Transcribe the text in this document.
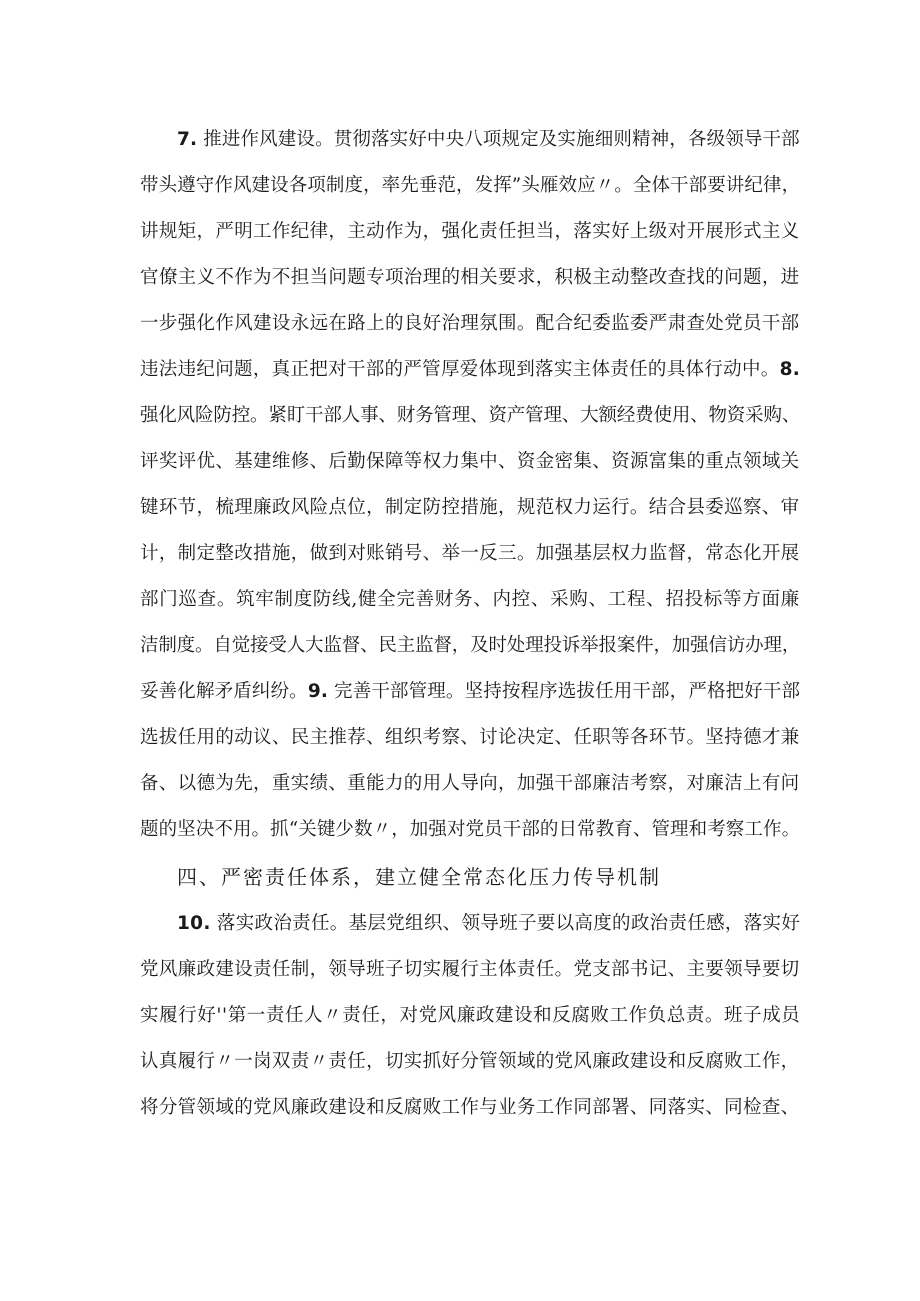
7. 推进作风建设。贯彻落实好中央八项规定及实施细则精神，各级领导干部
带头遵守作风建设各项制度，率先垂范，发挥”头雁效应〃。全体干部要讲纪律，
讲规矩，严明工作纪律，主动作为，强化责任担当，落实好上级对开展形式主义
官僚主义不作为不担当问题专项治理的相关要求，积极主动整改查找的问题，进
一步强化作风建设永远在路上的良好治理氛围。配合纪委监委严肃查处党员干部
违法违纪问题，真正把对干部的严管厚爱体现到落实主体责任的具体行动中。8.
强化风险防控。紧盯干部人事、财务管理、资产管理、大额经费使用、物资采购、
评奖评优、基建维修、后勤保障等权力集中、资金密集、资源富集的重点领域关
键环节，梳理廉政风险点位，制定防控措施，规范权力运行。结合县委巡察、审
计，制定整改措施，做到对账销号、举一反三。加强基层权力监督，常态化开展
部门巡查。筑牢制度防线,健全完善财务、内控、采购、工程、招投标等方面廉
洁制度。自觉接受人大监督、民主监督，及时处理投诉举报案件，加强信访办理，
妥善化解矛盾纠纷。9. 完善干部管理。坚持按程序选拔任用干部，严格把好干部
选拔任用的动议、民主推荐、组织考察、讨论决定、任职等各环节。坚持德才兼
备、以德为先，重实绩、重能力的用人导向，加强干部廉洁考察，对廉洁上有问
题的坚决不用。抓“关键少数〃，加强对党员干部的日常教育、管理和考察工作。
四、严密责任体系，建立健全常态化压力传导机制
10. 落实政治责任。基层党组织、领导班子要以高度的政治责任感，落实好
党风廉政建设责任制，领导班子切实履行主体责任。党支部书记、主要领导要切
实履行好''第一责任人〃责任，对党风廉政建设和反腐败工作负总责。班子成员
认真履行〃一岗双责〃责任，切实抓好分管领域的党风廉政建设和反腐败工作，
将分管领域的党风廉政建设和反腐败工作与业务工作同部署、同落实、同检查、
